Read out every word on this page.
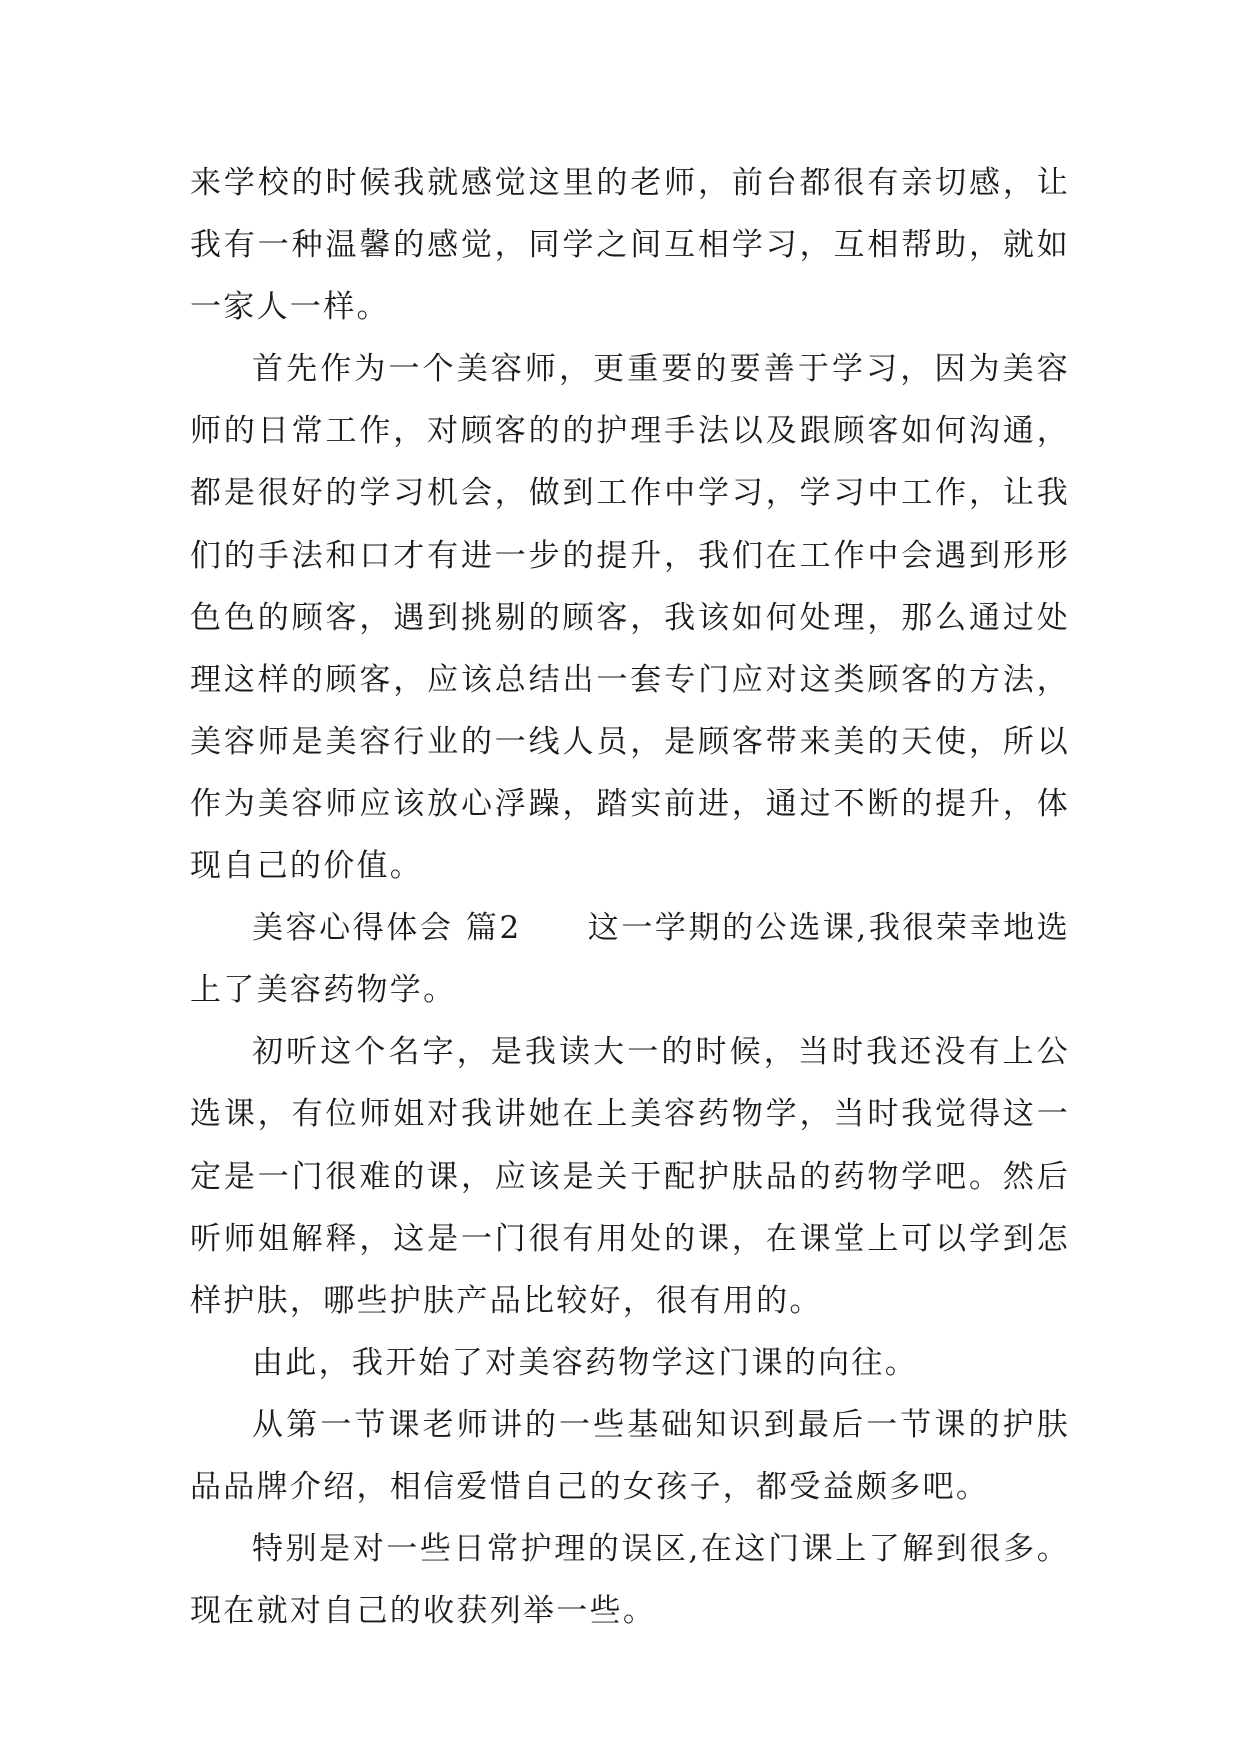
来学校的时候我就感觉这里的老师，前台都很有亲切感，让我有一种温馨的感觉，同学之间互相学习，互相帮助，就如一家人一样。

首先作为一个美容师，更重要的要善于学习，因为美容师的日常工作，对顾客的的护理手法以及跟顾客如何沟通，都是很好的学习机会，做到工作中学习，学习中工作，让我们的手法和口才有进一步的提升，我们在工作中会遇到形形色色的顾客，遇到挑剔的顾客，我该如何处理，那么通过处理这样的顾客，应该总结出一套专门应对这类顾客的方法，美容师是美容行业的一线人员，是顾客带来美的天使，所以作为美容师应该放心浮躁，踏实前进，通过不断的提升，体现自己的价值。

美容心得体会 篇2 这一学期的公选课,我很荣幸地选上了美容药物学。

初听这个名字，是我读大一的时候，当时我还没有上公选课，有位师姐对我讲她在上美容药物学，当时我觉得这一定是一门很难的课，应该是关于配护肤品的药物学吧。然后听师姐解释，这是一门很有用处的课，在课堂上可以学到怎样护肤，哪些护肤产品比较好，很有用的。

由此，我开始了对美容药物学这门课的向往。

从第一节课老师讲的一些基础知识到最后一节课的护肤品品牌介绍，相信爱惜自己的女孩子，都受益颇多吧。

特别是对一些日常护理的误区,在这门课上了解到很多。现在就对自己的收获列举一些。
